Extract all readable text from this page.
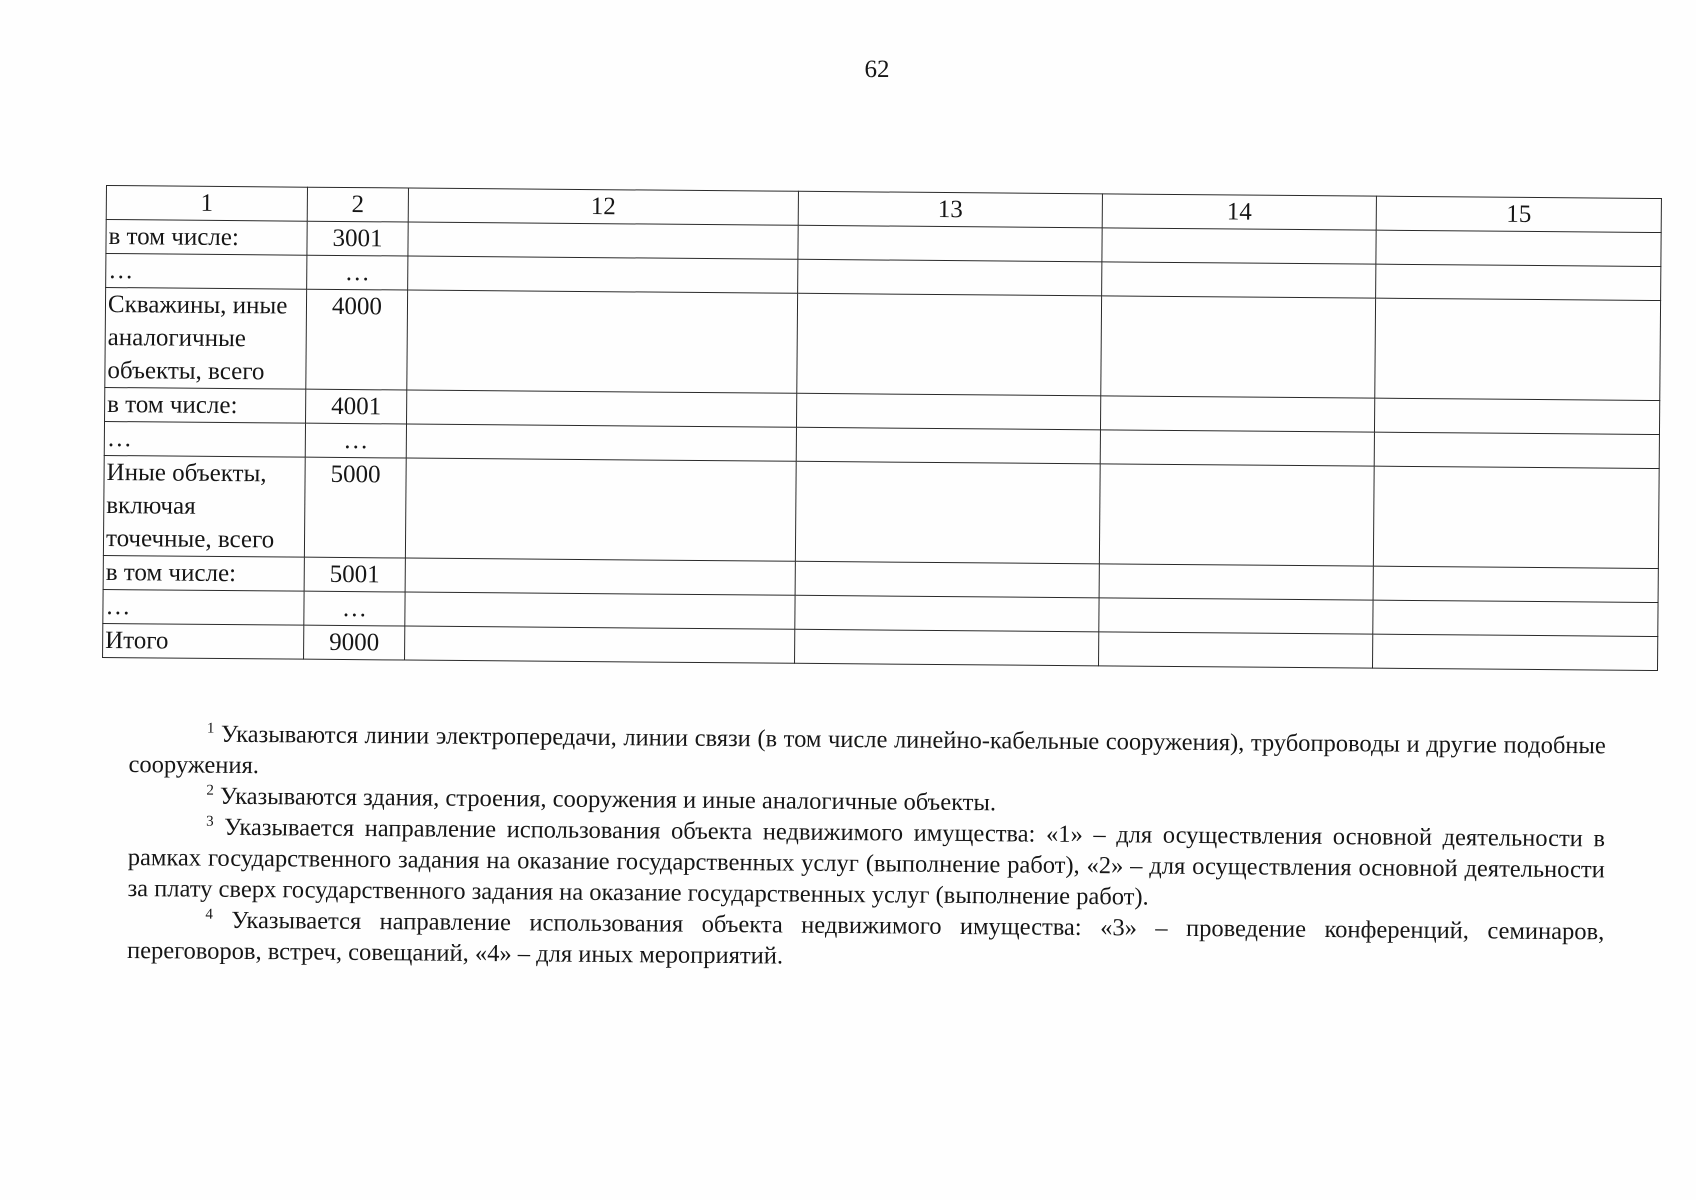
62
1	2	12	13	14	15
в том числе:	3001				
…	…				
Скважины, иные аналогичные объекты, всего	4000				
в том числе:	4001				
…	…				
Иные объекты, включая точечные, всего	5000				
в том числе:	5001				
…	…				
Итого	9000				

$^1$ Указываются линии электропередачи, линии связи (в том числе линейно-кабельные сооружения), трубопроводы и другие подобные сооружения.

$^2$ Указываются здания, строения, сооружения и иные аналогичные объекты.

$^3$ Указывается направление использования объекта недвижимого имущества: «1» – для осуществления основной деятельности в рамках государственного задания на оказание государственных услуг (выполнение работ), «2» – для осуществления основной деятельности за плату сверх государственного задания на оказание государственных услуг (выполнение работ).

$^4$ Указывается направление использования объекта недвижимого имущества: «3» – проведение конференций, семинаров, переговоров, встреч, совещаний, «4» – для иных мероприятий.
